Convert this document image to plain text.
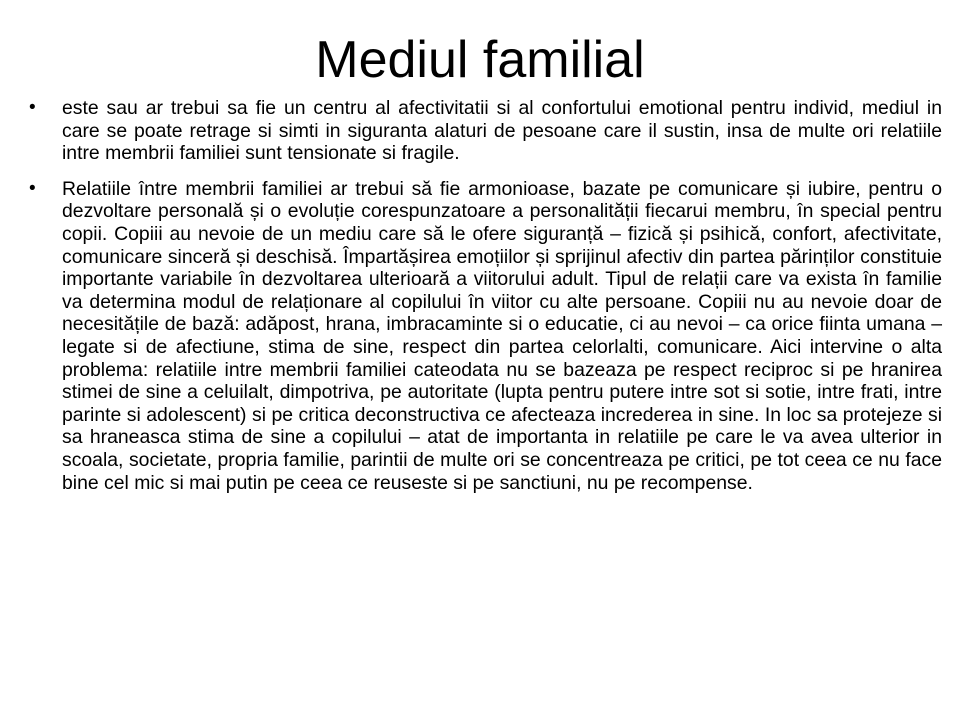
Mediul familial
• este sau ar trebui sa fie un centru al afectivitatii si al confortului emotional pentru individ, mediul in care se poate retrage si simti in siguranta alaturi de pesoane care il sustin, insa de multe ori relatiile intre membrii familiei sunt tensionate si fragile.
• Relatiile între membrii familiei ar trebui să fie armonioase, bazate pe comunicare și iubire, pentru o dezvoltare personală și o evoluție corespunzatoare a personalității fiecarui membru, în special pentru copii. Copiii au nevoie de un mediu care să le ofere siguranță – fizică și psihică, confort, afectivitate, comunicare sinceră și deschisă. Împartășirea emoțiilor și sprijinul afectiv din partea părinților constituie importante variabile în dezvoltarea ulterioară a viitorului adult. Tipul de relații care va exista în familie va determina modul de relaționare al copilului în viitor cu alte persoane. Copiii nu au nevoie doar de necesitățile de bază: adăpost, hrana, imbracaminte si o educatie, ci au nevoi – ca orice fiinta umana – legate si de afectiune, stima de sine, respect din partea celorlalti, comunicare. Aici intervine o alta problema: relatiile intre membrii familiei cateodata nu se bazeaza pe respect reciproc si pe hranirea stimei de sine a celuilalt, dimpotriva, pe autoritate (lupta pentru putere intre sot si sotie, intre frati, intre parinte si adolescent) si pe critica deconstructiva ce afecteaza increderea in sine. In loc sa protejeze si sa hraneasca stima de sine a copilului – atat de importanta in relatiile pe care le va avea ulterior in scoala, societate, propria familie, parintii de multe ori se concentreaza pe critici, pe tot ceea ce nu face bine cel mic si mai putin pe ceea ce reuseste si pe sanctiuni, nu pe recompense.
